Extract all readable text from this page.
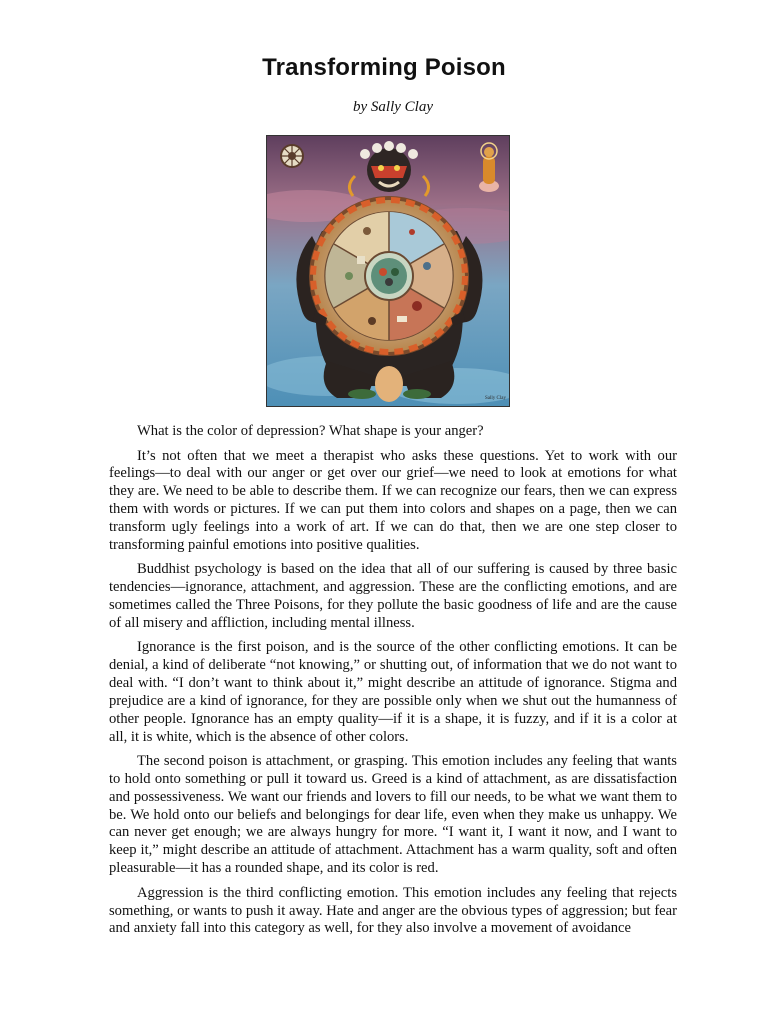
Transforming Poison
by Sally Clay
Sally Clay

What is the color of depression? What shape is your anger?

It’s not often that we meet a therapist who asks these questions. Yet to work with our feelings—to deal with our anger or get over our grief—we need to look at emotions for what they are. We need to be able to describe them. If we can recognize our fears, then we can express them with words or pictures. If we can put them into colors and shapes on a page, then we can transform ugly feelings into a work of art. If we can do that, then we are one step closer to transforming painful emotions into positive qualities.

Buddhist psychology is based on the idea that all of our suffering is caused by three basic tendencies—ignorance, attachment, and aggression. These are the conflicting emotions, and are sometimes called the Three Poisons, for they pollute the basic goodness of life and are the cause of all misery and affliction, including mental illness.

Ignorance is the first poison, and is the source of the other conflicting emotions. It can be denial, a kind of deliberate “not knowing,” or shutting out, of information that we do not want to deal with. “I don’t want to think about it,” might describe an attitude of ignorance. Stigma and prejudice are a kind of ignorance, for they are possible only when we shut out the humanness of other people. Ignorance has an empty quality—if it is a shape, it is fuzzy, and if it is a color at all, it is white, which is the absence of other colors.

The second poison is attachment, or grasping. This emotion includes any feeling that wants to hold onto something or pull it toward us. Greed is a kind of attachment, as are dissatisfaction and possessiveness. We want our friends and lovers to fill our needs, to be what we want them to be. We hold onto our beliefs and belongings for dear life, even when they make us unhappy. We can never get enough; we are always hungry for more. “I want it, I want it now, and I want to keep it,” might describe an attitude of attachment. Attachment has a warm quality, soft and often pleasurable—it has a rounded shape, and its color is red.

Aggression is the third conflicting emotion. This emotion includes any feeling that rejects something, or wants to push it away. Hate and anger are the obvious types of aggression; but fear and anxiety fall into this category as well, for they also involve a movement of avoidance
